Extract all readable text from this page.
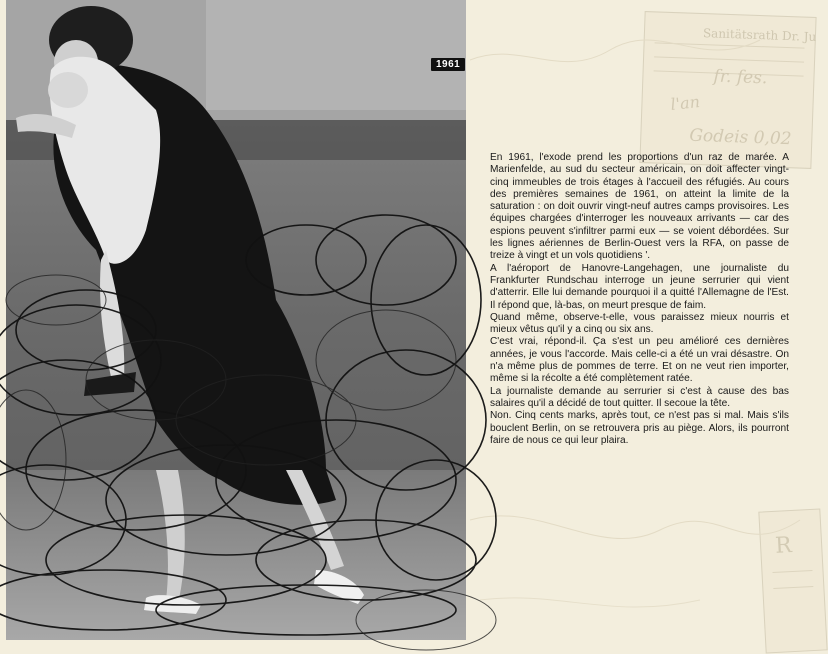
Sanitätsrath Dr. Ju
fr. fes.
l'an
Godeis 0,02
R
1961

En 1961, l'exode prend les proportions d'un raz de marée. A Marienfelde, au sud du secteur américain, on doit affecter vingt-cinq immeubles de trois étages à l'accueil des réfugiés. Au cours des premières semaines de 1961, on atteint la limite de la saturation : on doit ouvrir vingt-neuf autres camps provisoires. Les équipes chargées d'interroger les nouveaux arrivants — car des espions peuvent s'infiltrer parmi eux — se voient débordées. Sur les lignes aériennes de Berlin-Ouest vers la RFA, on passe de treize à vingt et un vols quotidiens '.

A l'aéroport de Hanovre-Langehagen, une journaliste du Frankfurter Rundschau interroge un jeune serrurier qui vient d'atterrir. Elle lui demande pourquoi il a quitté l'Allemagne de l'Est. Il répond que, là-bas, on meurt presque de faim.

Quand même, observe-t-elle, vous paraissez mieux nourris et mieux vêtus qu'il y a cinq ou six ans.

C'est vrai, répond-il. Ça s'est un peu amélioré ces dernières années, je vous l'accorde. Mais celle-ci a été un vrai désastre. On n'a même plus de pommes de terre. Et on ne veut rien importer, même si la récolte a été complètement ratée.

La journaliste demande au serrurier si c'est à cause des bas salaires qu'il a décidé de tout quitter. Il secoue la tête.

Non. Cinq cents marks, après tout, ce n'est pas si mal. Mais s'ils bouclent Berlin, on se retrouvera pris au piège. Alors, ils pourront faire de nous ce qui leur plaira.
